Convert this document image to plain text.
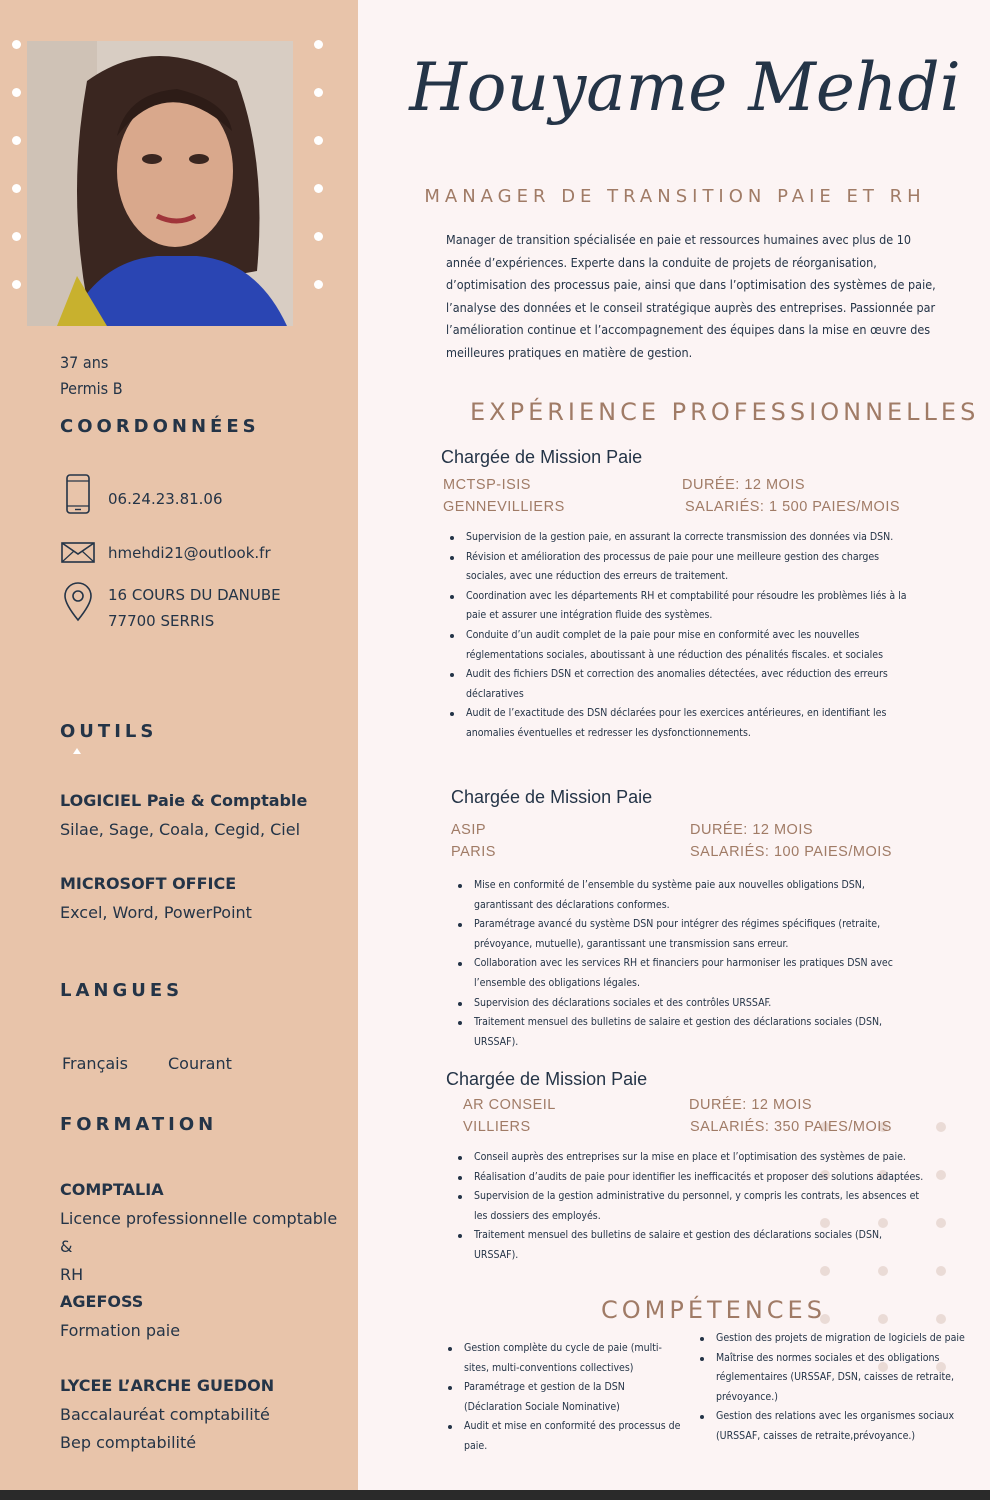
37 ans
Permis B
COORDONNÉES
06.24.23.81.06
hmehdi21@outlook.fr
16 COURS DU DANUBE
77700 SERRIS
OUTILS
LOGICIEL Paie & Comptable
Silae, Sage, Coala, Cegid, Ciel
MICROSOFT OFFICE
Excel, Word, PowerPoint
LANGUES
Français	Courant
FORMATION
COMPTALIA
Licence professionnelle comptable &
RH
AGEFOSS
Formation paie
LYCEE L’ARCHE GUEDON
Baccalauréat comptabilité
Bep comptabilité
Houyame Mehdi
MANAGER DE TRANSITION PAIE ET RH
Manager de transition spécialisée en paie et ressources humaines avec plus de 10 année d’expériences. Experte dans la conduite de projets de réorganisation, d’optimisation des processus paie, ainsi que dans l’optimisation des systèmes de paie, l’analyse des données et le conseil stratégique auprès des entreprises. Passionnée par l’amélioration continue et l’accompagnement des équipes dans la mise en œuvre des meilleures pratiques en matière de gestion.
EXPÉRIENCE PROFESSIONNELLES
Chargée de Mission Paie
MCTSP-ISIS
GENNEVILLIERS
DURÉE: 12 MOIS
SALARIÉS: 1 500 PAIES/MOIS
Supervision de la gestion paie, en assurant la correcte transmission des données via DSN.
Révision et amélioration des processus de paie pour une meilleure gestion des charges sociales, avec une réduction des erreurs de traitement.
Coordination avec les départements RH et comptabilité pour résoudre les problèmes liés à la paie et assurer une intégration fluide des systèmes.
Conduite d’un audit complet de la paie pour mise en conformité avec les nouvelles réglementations sociales, aboutissant à une réduction des pénalités fiscales. et sociales
Audit des fichiers DSN et correction des anomalies détectées, avec réduction des erreurs déclaratives
Audit de l’exactitude des DSN déclarées pour les exercices antérieures, en identifiant les anomalies éventuelles et redresser les dysfonctionnements.
Chargée de Mission Paie
ASIP
PARIS
DURÉE: 12 MOIS
SALARIÉS: 100 PAIES/MOIS
Mise en conformité de l’ensemble du système paie aux nouvelles obligations DSN, garantissant des déclarations conformes.
Paramétrage avancé du système DSN pour intégrer des régimes spécifiques (retraite, prévoyance, mutuelle), garantissant une transmission sans erreur.
Collaboration avec les services RH et financiers pour harmoniser les pratiques DSN avec l’ensemble des obligations légales.
Supervision des déclarations sociales et des contrôles URSSAF.
Traitement mensuel des bulletins de salaire et gestion des déclarations sociales (DSN, URSSAF).
Chargée de Mission Paie
AR CONSEIL
VILLIERS
DURÉE: 12 MOIS
SALARIÉS: 350 PAIES/MOIS
Conseil auprès des entreprises sur la mise en place et l’optimisation des systèmes de paie.
Réalisation d’audits de paie pour identifier les inefficacités et proposer des solutions adaptées.
Supervision de la gestion administrative du personnel, y compris les contrats, les absences et les dossiers des employés.
Traitement mensuel des bulletins de salaire et gestion des déclarations sociales (DSN, URSSAF).
COMPÉTENCES
Gestion complète du cycle de paie (multi-sites, multi-conventions collectives)
Paramétrage et gestion de la DSN (Déclaration Sociale Nominative)
Audit et mise en conformité des processus de paie.
Gestion des projets de migration de logiciels de paie
Maîtrise des normes sociales et des obligations réglementaires (URSSAF, DSN, caisses de retraite, prévoyance.)
Gestion des relations avec les organismes sociaux (URSSAF, caisses de retraite,prévoyance.)
